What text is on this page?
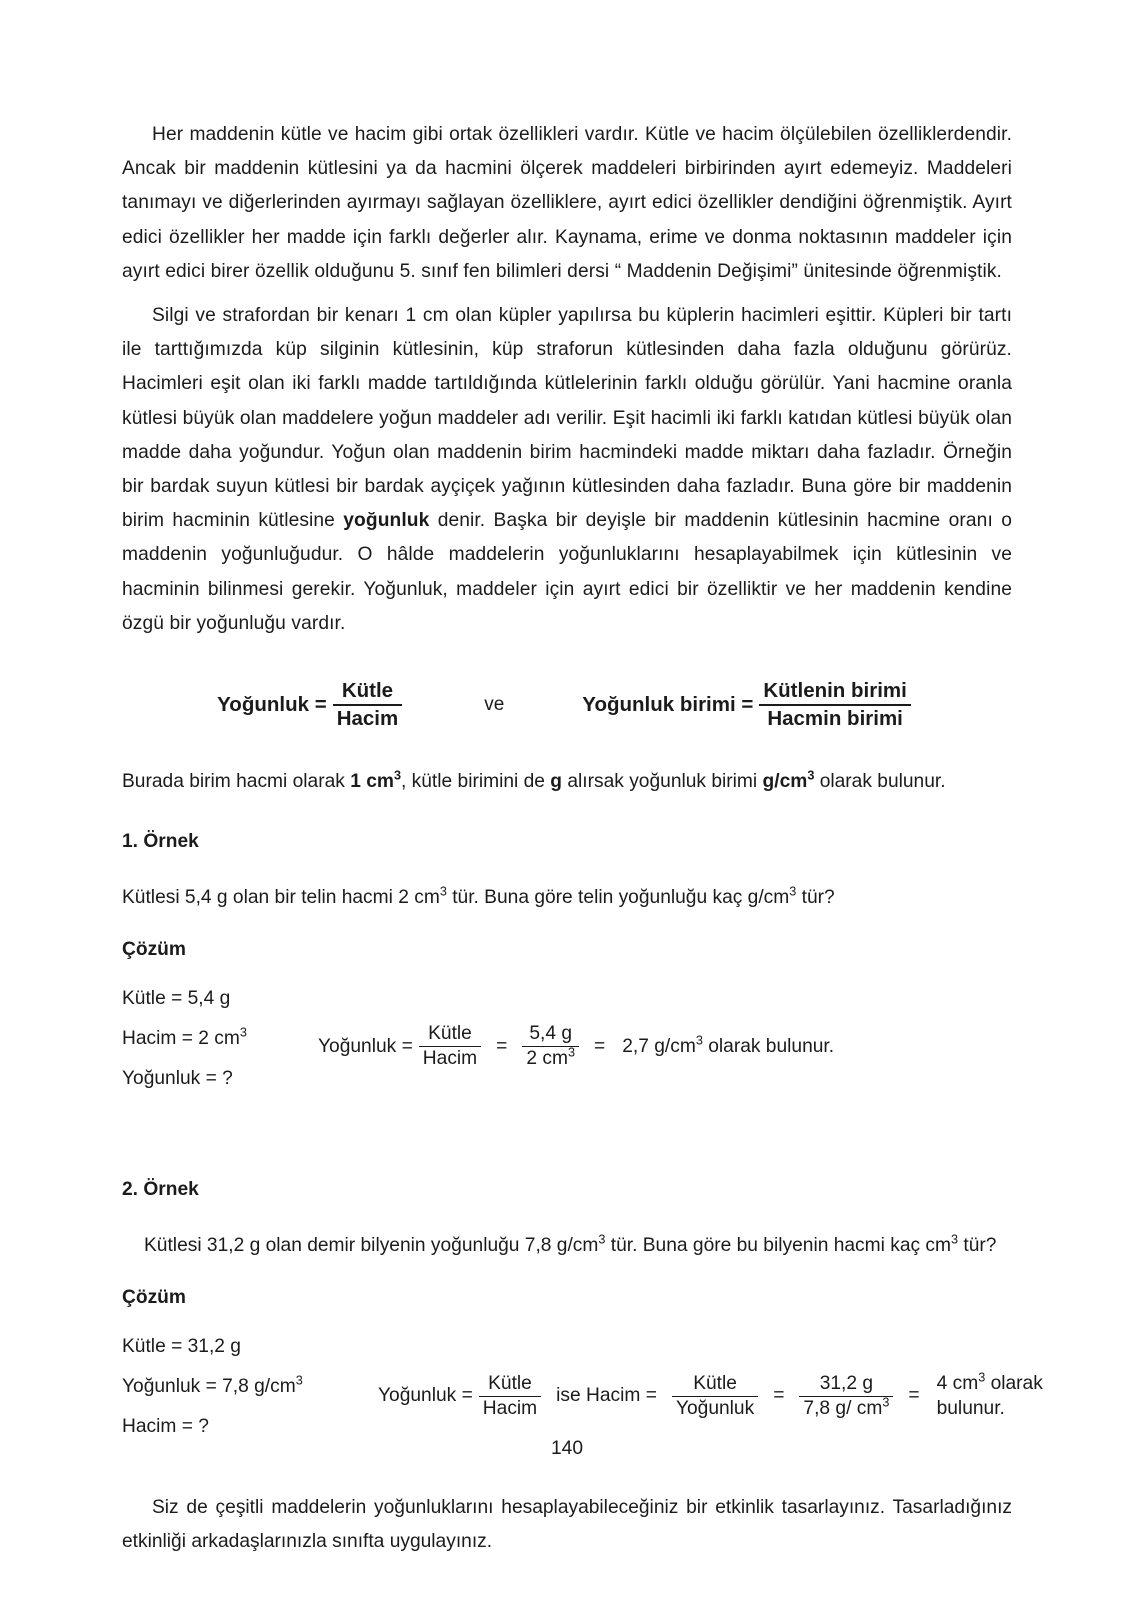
Her maddenin kütle ve hacim gibi ortak özellikleri vardır. Kütle ve hacim ölçülebilen özelliklerdendir. Ancak bir maddenin kütlesini ya da hacmini ölçerek maddeleri birbirinden ayırt edemeyiz. Maddeleri tanımayı ve diğerlerinden ayırmayı sağlayan özelliklere, ayırt edici özellikler dendiğini öğrenmiştik. Ayırt edici özellikler her madde için farklı değerler alır. Kaynama, erime ve donma noktasının maddeler için ayırt edici birer özellik olduğunu 5. sınıf fen bilimleri dersi “ Maddenin Değişimi” ünitesinde öğrenmiştik.

Silgi ve strafordan bir kenarı 1 cm olan küpler yapılırsa bu küplerin hacimleri eşittir. Küpleri bir tartı ile tarttığımızda küp silginin kütlesinin, küp straforun kütlesinden daha fazla olduğunu görürüz. Hacimleri eşit olan iki farklı madde tartıldığında kütlelerinin farklı olduğu görülür. Yani hacmine oranla kütlesi büyük olan maddelere yoğun maddeler adı verilir. Eşit hacimli iki farklı katıdan kütlesi büyük olan madde daha yoğundur. Yoğun olan maddenin birim hacmindeki madde miktarı daha fazladır. Örneğin bir bardak suyun kütlesi bir bardak ayçiçek yağının kütlesinden daha fazladır. Buna göre bir maddenin birim hacminin kütlesine yoğunluk denir. Başka bir deyişle bir maddenin kütlesinin hacmine oranı o maddenin yoğunluğudur. O hâlde maddelerin yoğunluklarını hesaplayabilmek için kütlesinin ve hacminin bilinmesi gerekir. Yoğunluk, maddeler için ayırt edici bir özelliktir ve her maddenin kendine özgü bir yoğunluğu vardır.

Yoğunluk = $\frac{\text{Kütle}}{\text{Hacim}}$	ve	Yoğunluk birimi = $\frac{\text{Kütlenin birimi}}{\text{Hacmin birimi}}$
Burada birim hacmi olarak 1 $cm^3$, kütle birimini de g alırsak yoğunluk birimi $g/cm^3$ olarak bulunur.
1. Örnek
Kütlesi 5,4 g olan bir telin hacmi 2 $cm^3$ tür. Buna göre telin yoğunluğu kaç $g/cm^3$ tür?
Çözüm
Kütle = 5,4 g
Hacim = 2 $cm^3$
Yoğunluk = ?
Yoğunluk = $\frac{\text{Kütle}}{\text{Hacim}} = \frac{5,4 g}{2 cm^3} = 2,7$ $g/cm^3$ olarak bulunur.
2. Örnek
Kütlesi 31,2 g olan demir bilyenin yoğunluğu 7,8 $g/cm^3$ tür. Buna göre bu bilyenin hacmi kaç $cm^3$ tür?
Çözüm
Kütle = 31,2 g
Yoğunluk = 7,8 $g/cm^3$
Hacim = ?
Yoğunluk = $\frac{\text{Kütle}}{\text{Hacim}}$ ise Hacim = $\frac{\text{Kütle}}{\text{Yoğunluk}} = \frac{31,2 g}{7,8 g/ cm^3}$ =
4 $cm^3$ olarak
bulunur.

Siz de çeşitli maddelerin yoğunluklarını hesaplayabileceğiniz bir etkinlik tasarlayınız. Tasarladığınız etkinliği arkadaşlarınızla sınıfta uygulayınız.

140
